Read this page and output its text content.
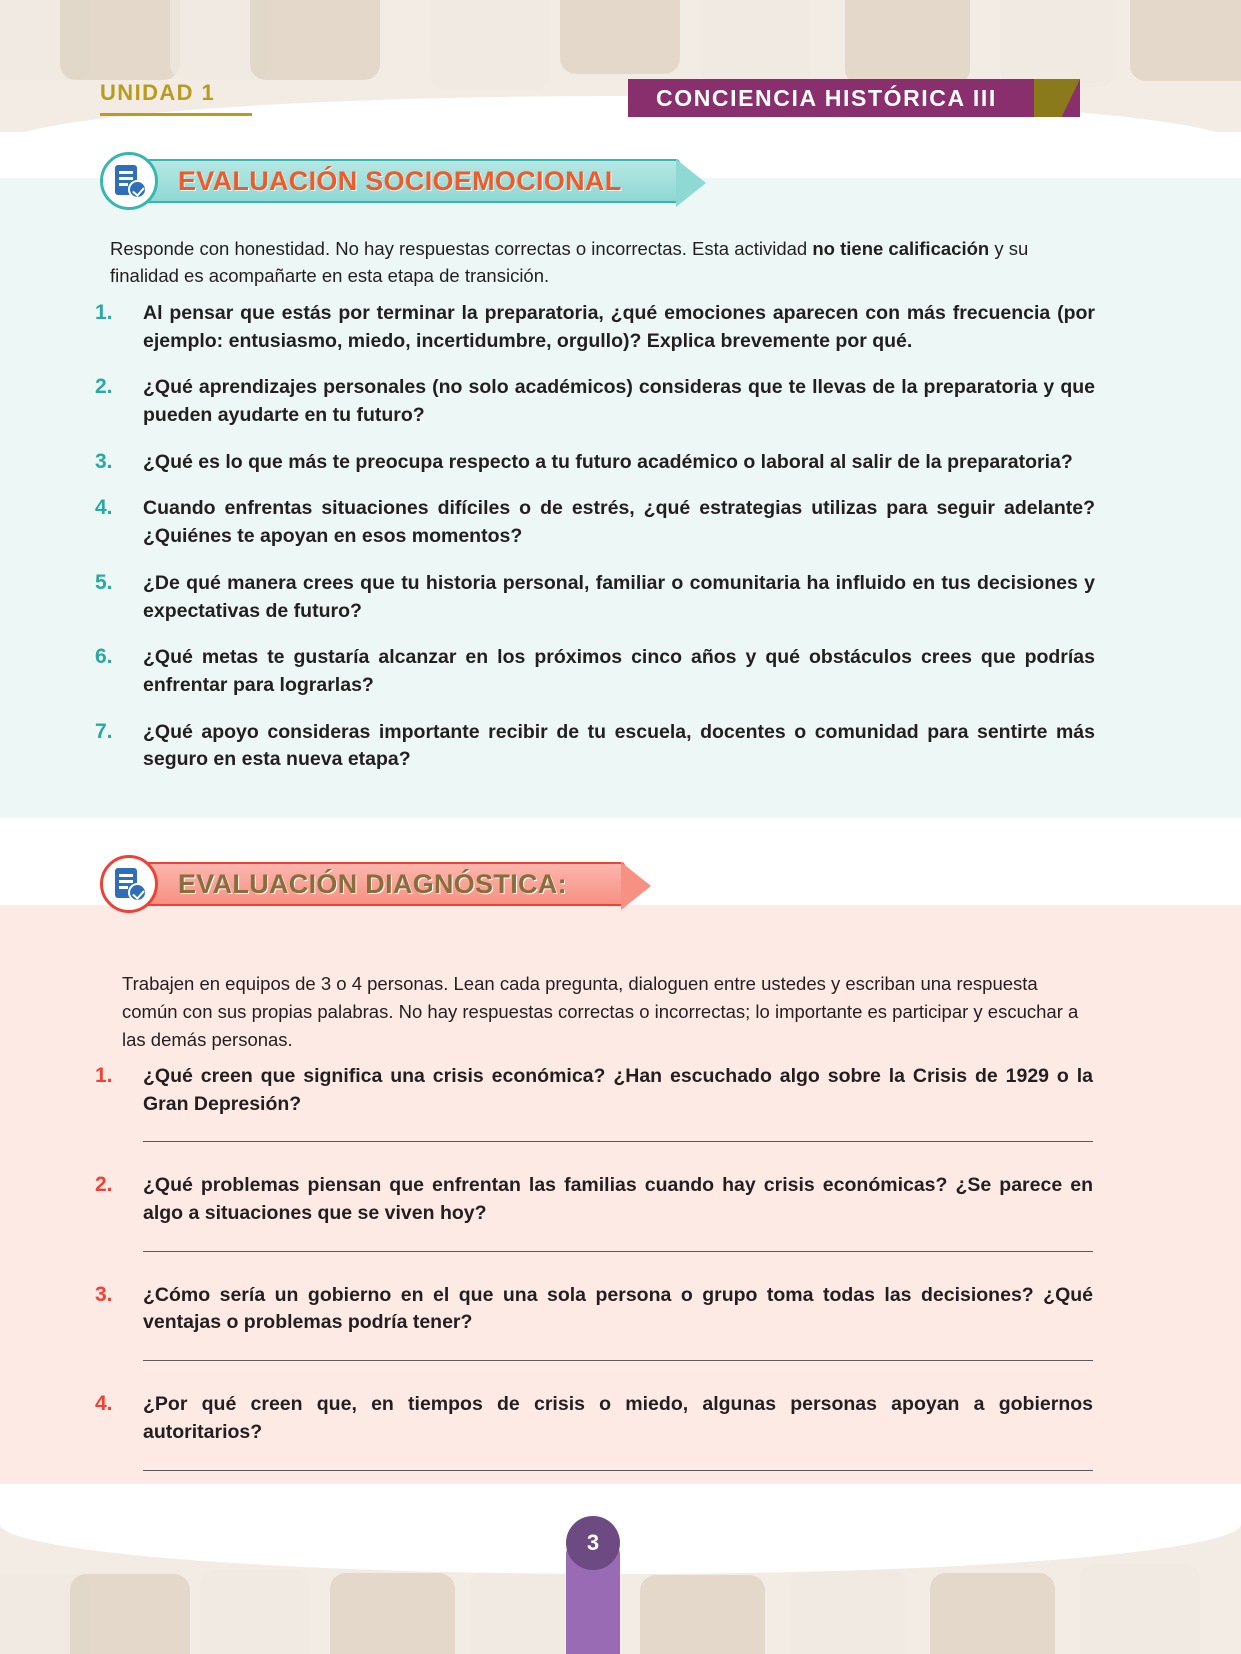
UNIDAD 1	CONCIENCIA HISTÓRICA III
EVALUACIÓN SOCIOEMOCIONAL
Responde con honestidad. No hay respuestas correctas o incorrectas. Esta actividad no tiene calificación y su finalidad es acompañarte en esta etapa de transición.
1.	Al pensar que estás por terminar la preparatoria, ¿qué emociones aparecen con más frecuencia (por ejemplo: entusiasmo, miedo, incertidumbre, orgullo)? Explica brevemente por qué.
2.	¿Qué aprendizajes personales (no solo académicos) consideras que te llevas de la preparatoria y que pueden ayudarte en tu futuro?
3.	¿Qué es lo que más te preocupa respecto a tu futuro académico o laboral al salir de la preparatoria?
4.	Cuando enfrentas situaciones difíciles o de estrés, ¿qué estrategias utilizas para seguir adelante? ¿Quiénes te apoyan en esos momentos?
5.	¿De qué manera crees que tu historia personal, familiar o comunitaria ha influido en tus decisiones y expectativas de futuro?
6.	¿Qué metas te gustaría alcanzar en los próximos cinco años y qué obstáculos crees que podrías enfrentar para lograrlas?
7.	¿Qué apoyo consideras importante recibir de tu escuela, docentes o comunidad para sentirte más seguro en esta nueva etapa?
EVALUACIÓN DIAGNÓSTICA:
Trabajen en equipos de 3 o 4 personas. Lean cada pregunta, dialoguen entre ustedes y escriban una respuesta común con sus propias palabras. No hay respuestas correctas o incorrectas; lo importante es participar y escuchar a las demás personas.
1.	¿Qué creen que significa una crisis económica? ¿Han escuchado algo sobre la Crisis de 1929 o la Gran Depresión?
2.	¿Qué problemas piensan que enfrentan las familias cuando hay crisis económicas? ¿Se parece en algo a situaciones que se viven hoy?
3.	¿Cómo sería un gobierno en el que una sola persona o grupo toma todas las decisiones? ¿Qué ventajas o problemas podría tener?
4.	¿Por qué creen que, en tiempos de crisis o miedo, algunas personas apoyan a gobiernos autoritarios?
3
